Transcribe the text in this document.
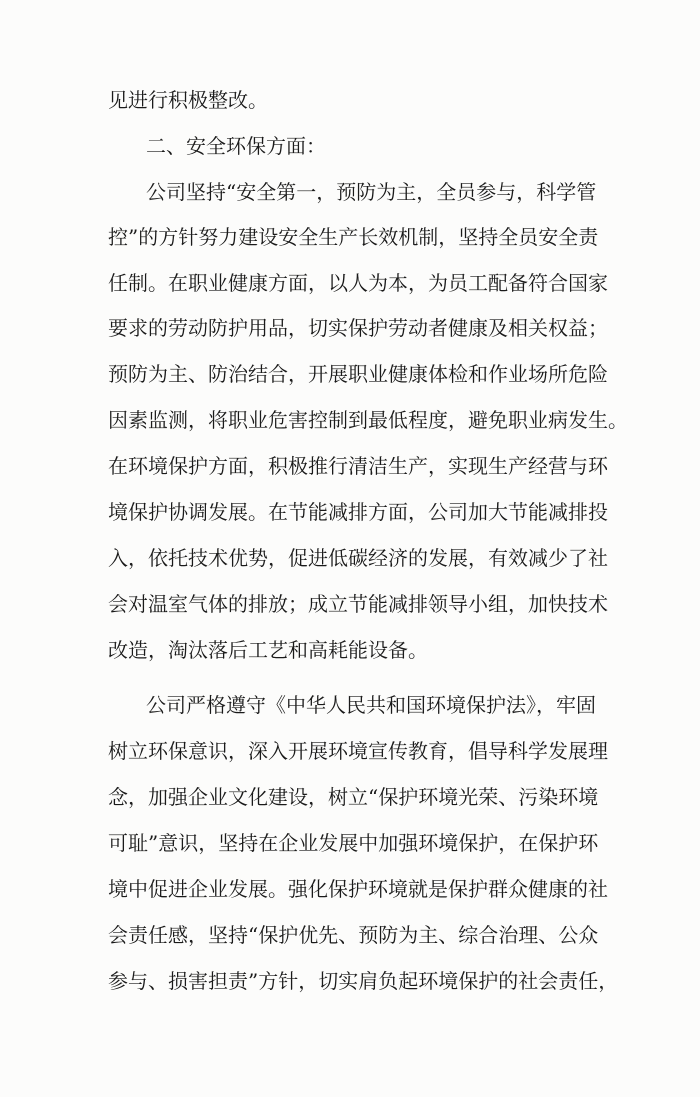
见进行积极整改。
二、安全环保方面：
公司坚持“安全第一，预防为主，全员参与，科学管
控”的方针努力建设安全生产长效机制，坚持全员安全责
任制。在职业健康方面，以人为本，为员工配备符合国家
要求的劳动防护用品，切实保护劳动者健康及相关权益；
预防为主、防治结合，开展职业健康体检和作业场所危险
因素监测，将职业危害控制到最低程度，避免职业病发生。
在环境保护方面，积极推行清洁生产，实现生产经营与环
境保护协调发展。在节能减排方面，公司加大节能减排投
入，依托技术优势，促进低碳经济的发展，有效减少了社
会对温室气体的排放；成立节能减排领导小组，加快技术
改造，淘汰落后工艺和高耗能设备。
公司严格遵守《中华人民共和国环境保护法》，牢固
树立环保意识，深入开展环境宣传教育，倡导科学发展理
念，加强企业文化建设，树立“保护环境光荣、污染环境
可耻”意识，坚持在企业发展中加强环境保护，在保护环
境中促进企业发展。强化保护环境就是保护群众健康的社
会责任感，坚持“保护优先、预防为主、综合治理、公众
参与、损害担责”方针，切实肩负起环境保护的社会责任，
